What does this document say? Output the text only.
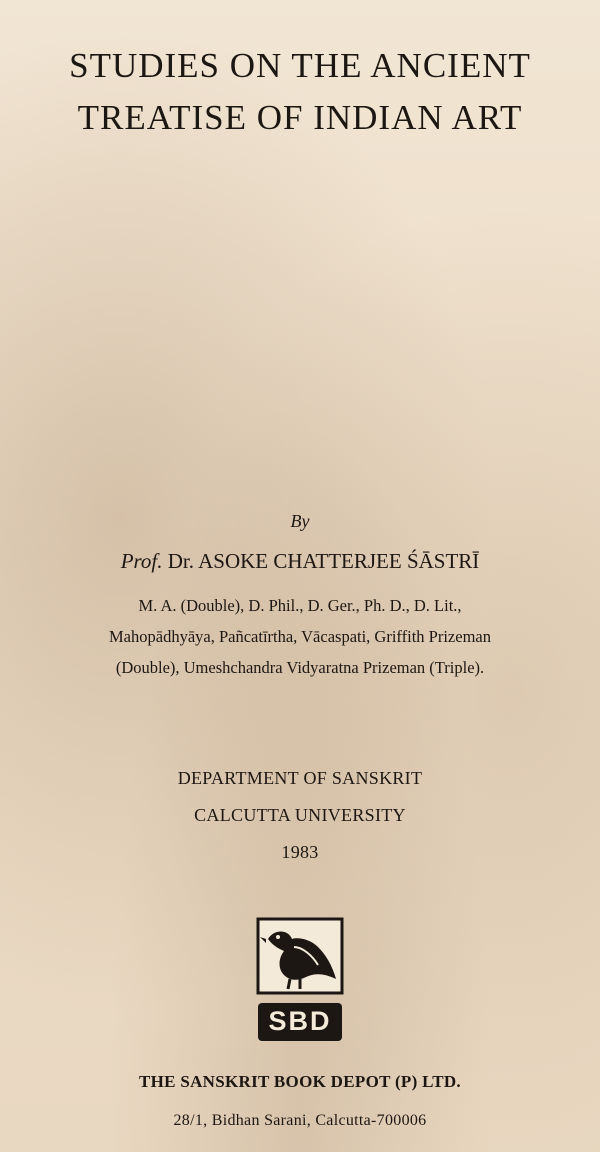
STUDIES ON THE ANCIENT
TREATISE OF INDIAN ART
By
Prof. Dr. ASOKE CHATTERJEE ŚĀSTRĪ
M. A. (Double), D. Phil., D. Ger., Ph. D., D. Lit.,
Mahopādhyāya, Pañcatīrtha, Vācaspati, Griffith Prizeman
(Double), Umeshchandra Vidyaratna Prizeman (Triple).
DEPARTMENT OF SANSKRIT
CALCUTTA UNIVERSITY
1983
SBD
THE SANSKRIT BOOK DEPOT (P) LTD.
28/1, Bidhan Sarani, Calcutta-700006
